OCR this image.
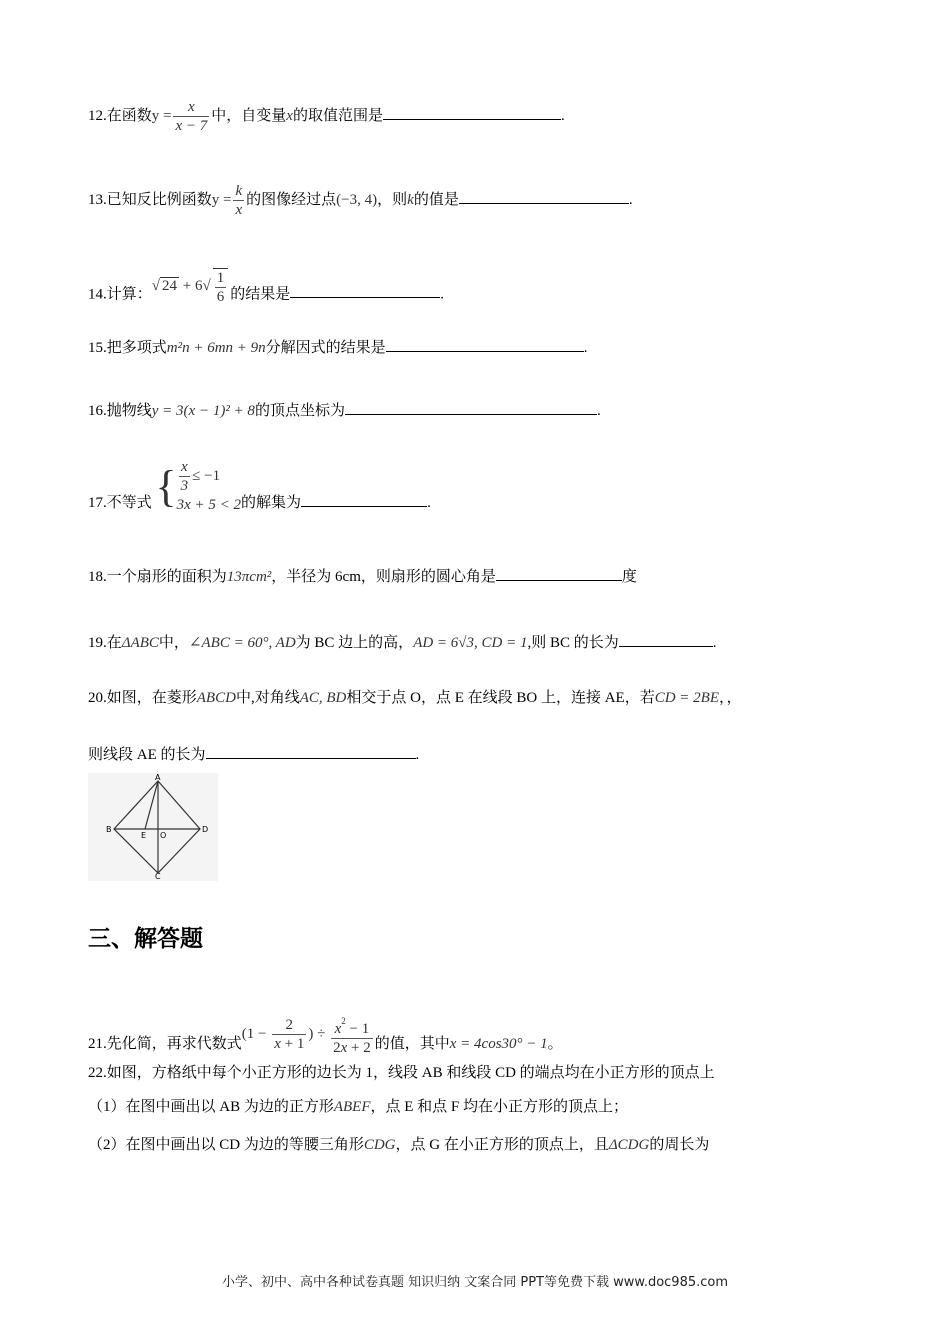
12.在函数$y = \frac{x}{x - 7}$ 中，自变量x的取值范围是	.
13.已知反比例函数$y = \frac{k}{x}$ 的图像经过点(−3, 4)，则k的值是	.
14.计算：√ $24 + 6√ \frac{1}{6}$ 的结果是	.
15.把多项式m²n + 6mn + 9n分解因式的结果是	.
16.抛物线y = 3(x − 1)² + 8的顶点坐标为	.
17.不等式 { $\frac{x}{3} \le -1$
3x + 5 < 2 的解集为	.
18.一个扇形的面积为13πcm²，半径为 6cm，则扇形的圆心角是	度
19.在ΔABC中，∠ABC = 60°, AD为 BC 边上的高，AD = 6√3, CD = 1,则 BC 的长为	.
20.如图，在菱形ABCD中,对角线AC, BD相交于点 O，点 E 在线段 BO 上，连接 AE，若CD = 2BE，，
则线段 AE 的长为	.
A
B	D
E O
C
三、解答题
21.先化简，再求代数式($1 - \frac{2}{x + 1}$ ) ÷ $\frac{x^2 - 1}{2x + 2}$ 的值，其中x = 4cos30° − 1。
22.如图，方格纸中每个小正方形的边长为 1，线段 AB 和线段 CD 的端点均在小正方形的顶点上
（1）在图中画出以 AB 为边的正方形ABEF，点 E 和点 F 均在小正方形的顶点上；
（2）在图中画出以 CD 为边的等腰三角形CDG，点 G 在小正方形的顶点上，且ΔCDG的周长为
小学、初中、高中各种试卷真题 知识归纳 文案合同 PPT等免费下载 www.doc985.com
